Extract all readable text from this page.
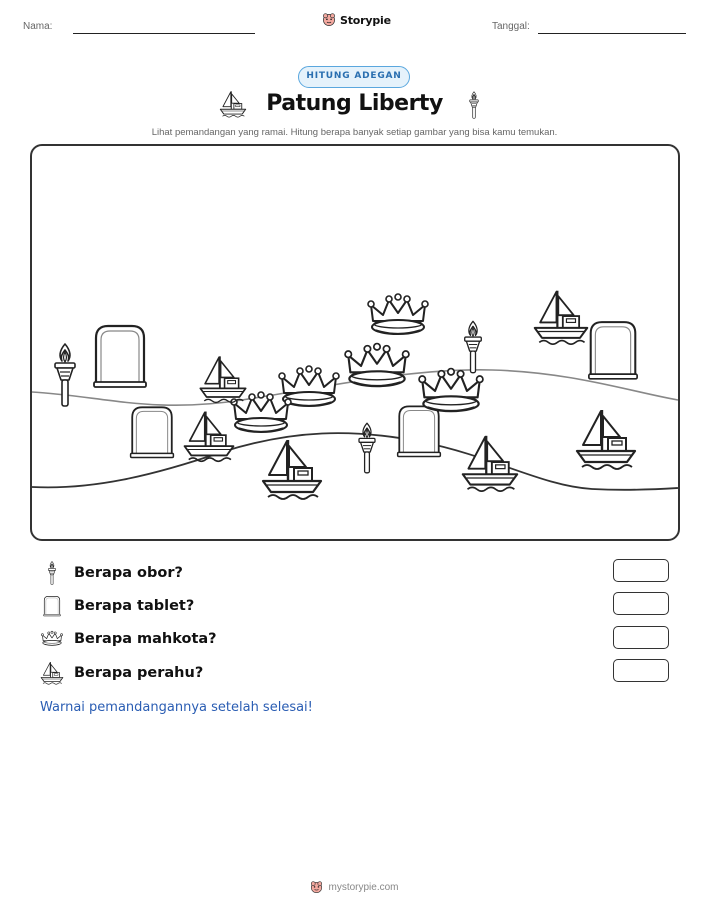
Nama:	Storypie	Tanggal:
HITUNG ADEGAN
Patung Liberty
Lihat pemandangan yang ramai. Hitung berapa banyak setiap gambar yang bisa kamu temukan.
Berapa obor?
Berapa tablet?
Berapa mahkota?
Berapa perahu?
Warnai pemandangannya setelah selesai!
mystorypie.com
